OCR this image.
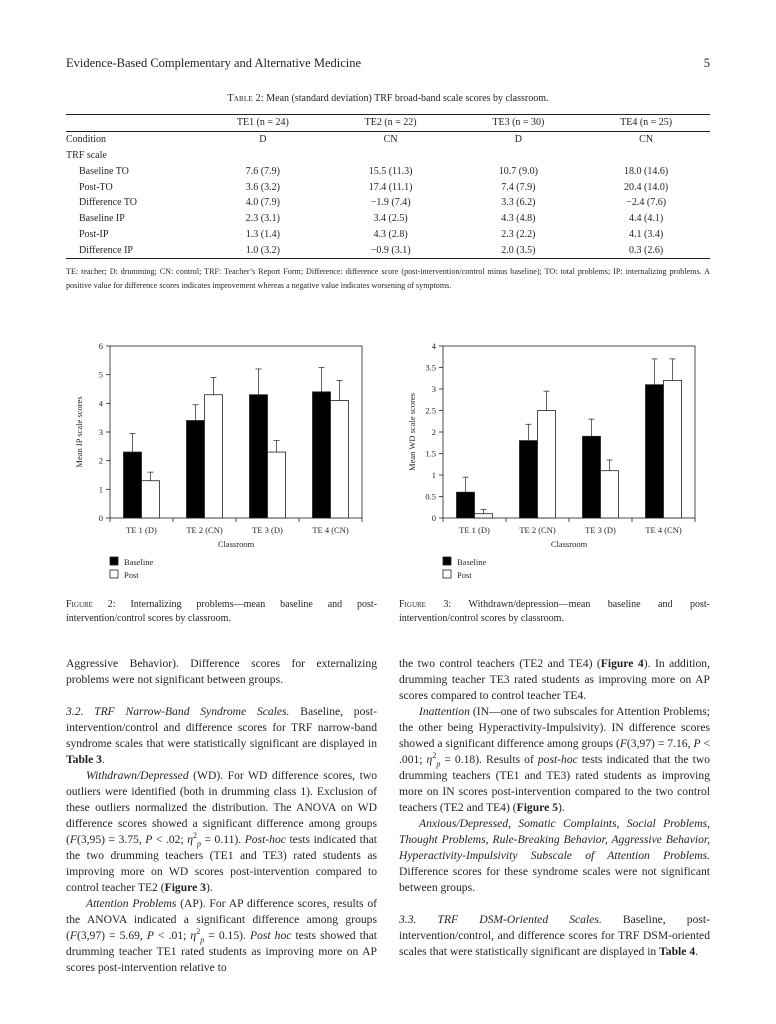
Evidence-Based Complementary and Alternative Medicine	5
Table 2: Mean (standard deviation) TRF broad-band scale scores by classroom.
	TE1 (n = 24)	TE2 (n = 22)	TE3 (n = 30)	TE4 (n = 25)
Condition	D	CN	D	CN
TRF scale				
Baseline TO	7.6 (7.9)	15.5 (11.3)	10.7 (9.0)	18.0 (14.6)
Post-TO	3.6 (3.2)	17.4 (11.1)	7.4 (7.9)	20.4 (14.0)
Difference TO	4.0 (7.9)	−1.9 (7.4)	3.3 (6.2)	−2.4 (7.6)
Baseline IP	2.3 (3.1)	3.4 (2.5)	4.3 (4.8)	4.4 (4.1)
Post-IP	1.3 (1.4)	4.3 (2.8)	2.3 (2.2)	4.1 (3.4)
Difference IP	1.0 (3.2)	−0.9 (3.1)	2.0 (3.5)	0.3 (2.6)
TE: teacher; D: drumming; CN: control; TRF: Teacher’s Report Form; Difference: difference score (post-intervention/control minus baseline); TO: total problems; IP: internalizing problems. A positive value for difference scores indicates improvement whereas a negative value indicates worsening of symptoms.
0
1
2
3
4
5
6
Mean IP scale scores
TE 1 (D)	TE 2 (CN)	TE 3 (D)	TE 4 (CN)
Classroom
Baseline
Post
Figure 2: Internalizing problems—mean baseline and post-intervention/control scores by classroom.
0
0.5
1
1.5
2
2.5
3
3.5
4
Mean WD scale scores
TE 1 (D)	TE 2 (CN)	TE 3 (D)	TE 4 (CN)
Classroom
Baseline
Post
Figure 3: Withdrawn/depression—mean baseline and post-intervention/control scores by classroom.

Aggressive Behavior). Difference scores for externalizing problems were not significant between groups.

3.2. TRF Narrow-Band Syndrome Scales. Baseline, post-intervention/control and difference scores for TRF narrow-band syndrome scales that were statistically significant are displayed in Table 3.

Withdrawn/Depressed (WD). For WD difference scores, two outliers were identified (both in drumming class 1). Exclusion of these outliers normalized the distribution. The ANOVA on WD difference scores showed a significant difference among groups (F(3,95) = 3.75, P < .02; $\eta^2_p = 0.11$). Post-hoc tests indicated that the two drumming teachers (TE1 and TE3) rated students as improving more on WD scores post-intervention compared to control teacher TE2 (Figure 3).

Attention Problems (AP). For AP difference scores, results of the ANOVA indicated a significant difference among groups (F(3,97) = 5.69, P < .01; $\eta^2_p = 0.15$). Post hoc tests showed that drumming teacher TE1 rated students as improving more on AP scores post-intervention relative to

the two control teachers (TE2 and TE4) (Figure 4). In addition, drumming teacher TE3 rated students as improving more on AP scores compared to control teacher TE4.

Inattention (IN—one of two subscales for Attention Problems; the other being Hyperactivity-Impulsivity). IN difference scores showed a significant difference among groups (F(3,97) = 7.16, P < .001; $\eta^2_p = 0.18$). Results of post-hoc tests indicated that the two drumming teachers (TE1 and TE3) rated students as improving more on IN scores post-intervention compared to the two control teachers (TE2 and TE4) (Figure 5).

Anxious/Depressed, Somatic Complaints, Social Problems, Thought Problems, Rule-Breaking Behavior, Aggressive Behavior, Hyperactivity-Impulsivity Subscale of Attention Problems. Difference scores for these syndrome scales were not significant between groups.

3.3. TRF DSM-Oriented Scales. Baseline, post-intervention/control, and difference scores for TRF DSM-oriented scales that were statistically significant are displayed in Table 4.
